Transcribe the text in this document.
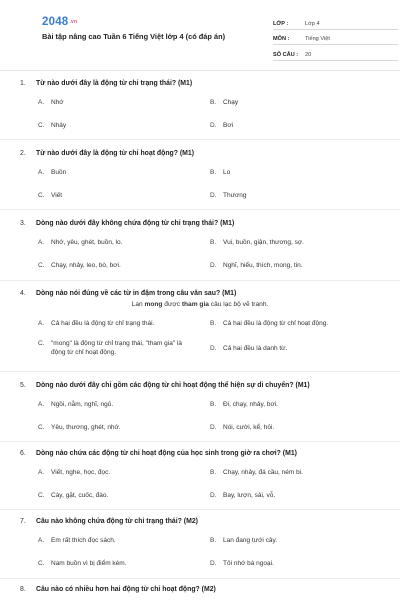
2048.vn
Bài tập nâng cao Tuần 6 Tiếng Việt lớp 4 (có đáp án)
LỚP :	Lớp 4
MÔN :	Tiếng Việt
SỐ CÂU :	20
1.	Từ nào dưới đây là động từ chỉ trạng thái? (M1)
A.	Nhớ	B.	Chạy
C.	Nhảy	D.	Bơi
2.	Từ nào dưới đây là động từ chỉ hoạt động? (M1)
A.	Buồn	B.	Lo
C.	Viết	D.	Thương
3.	Dòng nào dưới đây không chứa động từ chỉ trạng thái? (M1)
A.	Nhớ, yêu, ghét, buồn, lo.	B.	Vui, buồn, giận, thương, sợ.
C.	Chạy, nhảy, leo, bò, bơi.	D.	Nghĩ, hiểu, thích, mong, tin.
4.	Dòng nào nói đúng về các từ in đậm trong câu văn sau? (M1)
Lan mong được tham gia câu lạc bộ vẽ tranh.
A.	Cả hai đều là động từ chỉ trạng thái.	B.	Cả hai đều là động từ chỉ hoạt động.
C.	"mong" là động từ chỉ trạng thái, "tham gia" là động từ chỉ hoạt động.
D.	Cả hai đều là danh từ.
5.	Dòng nào dưới đây chỉ gồm các động từ chỉ hoạt động thể hiện sự di chuyển? (M1)
A.	Ngồi, nằm, nghĩ, ngủ.	B.	Đi, chạy, nhảy, bơi.
C.	Yêu, thương, ghét, nhớ.	D.	Nói, cười, kể, hỏi.
6.	Dòng nào chứa các động từ chỉ hoạt động của học sinh trong giờ ra chơi? (M1)
A.	Viết, nghe, học, đọc.	B.	Chạy, nhảy, đá cầu, ném bi.
C.	Cày, gặt, cuốc, đào.	D.	Bay, lượn, sải, vỗ.
7.	Câu nào không chứa động từ chỉ trạng thái? (M2)
A.	Em rất thích đọc sách.	B.	Lan đang tưới cây.
C.	Nam buồn vì bị điểm kém.	D.	Tôi nhớ bà ngoại.
8.	Câu nào có nhiều hơn hai động từ chỉ hoạt động? (M2)
